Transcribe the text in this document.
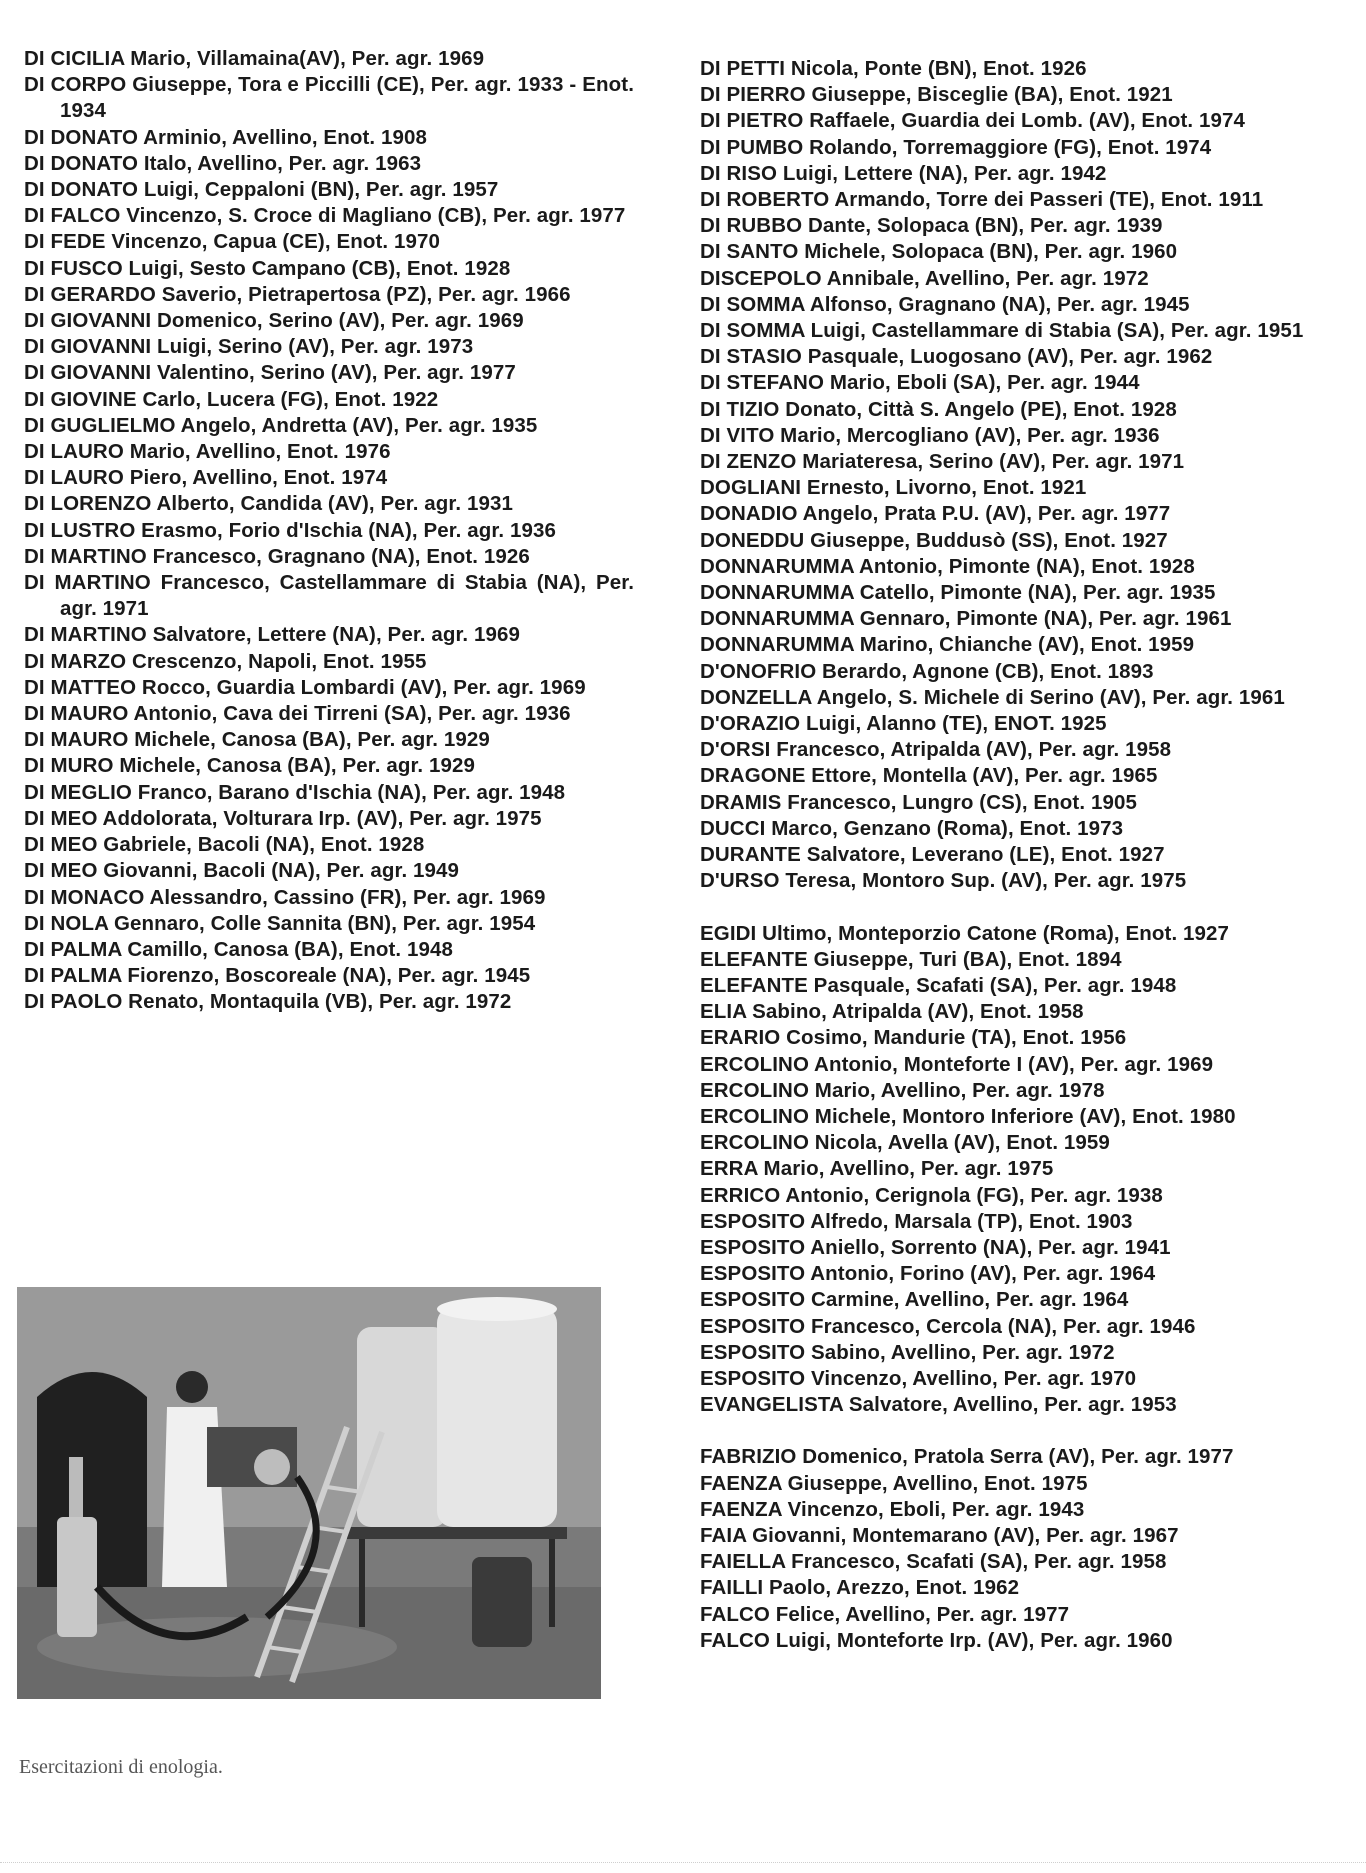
DI CICILIA Mario, Villamaina(AV), Per. agr. 1969
DI CORPO Giuseppe, Tora e Piccilli (CE), Per. agr. 1933 - Enot. 1934
DI DONATO Arminio, Avellino, Enot. 1908
DI DONATO Italo, Avellino, Per. agr. 1963
DI DONATO Luigi, Ceppaloni (BN), Per. agr. 1957
DI FALCO Vincenzo, S. Croce di Magliano (CB), Per. agr. 1977
DI FEDE Vincenzo, Capua (CE), Enot. 1970
DI FUSCO Luigi, Sesto Campano (CB), Enot. 1928
DI GERARDO Saverio, Pietrapertosa (PZ), Per. agr. 1966
DI GIOVANNI Domenico, Serino (AV), Per. agr. 1969
DI GIOVANNI Luigi, Serino (AV), Per. agr. 1973
DI GIOVANNI Valentino, Serino (AV), Per. agr. 1977
DI GIOVINE Carlo, Lucera (FG), Enot. 1922
DI GUGLIELMO Angelo, Andretta (AV), Per. agr. 1935
DI LAURO Mario, Avellino, Enot. 1976
DI LAURO Piero, Avellino, Enot. 1974
DI LORENZO Alberto, Candida (AV), Per. agr. 1931
DI LUSTRO Erasmo, Forio d'Ischia (NA), Per. agr. 1936
DI MARTINO Francesco, Gragnano (NA), Enot. 1926
DI MARTINO Francesco, Castellammare di Stabia (NA), Per. agr. 1971
DI MARTINO Salvatore, Lettere (NA), Per. agr. 1969
DI MARZO Crescenzo, Napoli, Enot. 1955
DI MATTEO Rocco, Guardia Lombardi (AV), Per. agr. 1969
DI MAURO Antonio, Cava dei Tirreni (SA), Per. agr. 1936
DI MAURO Michele, Canosa (BA), Per. agr. 1929
DI MURO Michele, Canosa (BA), Per. agr. 1929
DI MEGLIO Franco, Barano d'Ischia (NA), Per. agr. 1948
DI MEO Addolorata, Volturara Irp. (AV), Per. agr. 1975
DI MEO Gabriele, Bacoli (NA), Enot. 1928
DI MEO Giovanni, Bacoli (NA), Per. agr. 1949
DI MONACO Alessandro, Cassino (FR), Per. agr. 1969
DI NOLA Gennaro, Colle Sannita (BN), Per. agr. 1954
DI PALMA Camillo, Canosa (BA), Enot. 1948
DI PALMA Fiorenzo, Boscoreale (NA), Per. agr. 1945
DI PAOLO Renato, Montaquila (VB), Per. agr. 1972
DI PETTI Nicola, Ponte (BN), Enot. 1926
DI PIERRO Giuseppe, Bisceglie (BA), Enot. 1921
DI PIETRO Raffaele, Guardia dei Lomb. (AV), Enot. 1974
DI PUMBO Rolando, Torremaggiore (FG), Enot. 1974
DI RISO Luigi, Lettere (NA), Per. agr. 1942
DI ROBERTO Armando, Torre dei Passeri (TE), Enot. 1911
DI RUBBO Dante, Solopaca (BN), Per. agr. 1939
DI SANTO Michele, Solopaca (BN), Per. agr. 1960
DISCEPOLO Annibale, Avellino, Per. agr. 1972
DI SOMMA Alfonso, Gragnano (NA), Per. agr. 1945
DI SOMMA Luigi, Castellammare di Stabia (SA), Per. agr. 1951
DI STASIO Pasquale, Luogosano (AV), Per. agr. 1962
DI STEFANO Mario, Eboli (SA), Per. agr. 1944
DI TIZIO Donato, Città S. Angelo (PE), Enot. 1928
DI VITO Mario, Mercogliano (AV), Per. agr. 1936
DI ZENZO Mariateresa, Serino (AV), Per. agr. 1971
DOGLIANI Ernesto, Livorno, Enot. 1921
DONADIO Angelo, Prata P.U. (AV), Per. agr. 1977
DONEDDU Giuseppe, Buddusò (SS), Enot. 1927
DONNARUMMA Antonio, Pimonte (NA), Enot. 1928
DONNARUMMA Catello, Pimonte (NA), Per. agr. 1935
DONNARUMMA Gennaro, Pimonte (NA), Per. agr. 1961
DONNARUMMA Marino, Chianche (AV), Enot. 1959
D'ONOFRIO Berardo, Agnone (CB), Enot. 1893
DONZELLA Angelo, S. Michele di Serino (AV), Per. agr. 1961
D'ORAZIO Luigi, Alanno (TE), ENOT. 1925
D'ORSI Francesco, Atripalda (AV), Per. agr. 1958
DRAGONE Ettore, Montella (AV), Per. agr. 1965
DRAMIS Francesco, Lungro (CS), Enot. 1905
DUCCI Marco, Genzano (Roma), Enot. 1973
DURANTE Salvatore, Leverano (LE), Enot. 1927
D'URSO Teresa, Montoro Sup. (AV), Per. agr. 1975
EGIDI Ultimo, Monteporzio Catone (Roma), Enot. 1927
ELEFANTE Giuseppe, Turi (BA), Enot. 1894
ELEFANTE Pasquale, Scafati (SA), Per. agr. 1948
ELIA Sabino, Atripalda (AV), Enot. 1958
ERARIO Cosimo, Mandurie (TA), Enot. 1956
ERCOLINO Antonio, Monteforte I (AV), Per. agr. 1969
ERCOLINO Mario, Avellino, Per. agr. 1978
ERCOLINO Michele, Montoro Inferiore (AV), Enot. 1980
ERCOLINO Nicola, Avella (AV), Enot. 1959
ERRA Mario, Avellino, Per. agr. 1975
ERRICO Antonio, Cerignola (FG), Per. agr. 1938
ESPOSITO Alfredo, Marsala (TP), Enot. 1903
ESPOSITO Aniello, Sorrento (NA), Per. agr. 1941
ESPOSITO Antonio, Forino (AV), Per. agr. 1964
ESPOSITO Carmine, Avellino, Per. agr. 1964
ESPOSITO Francesco, Cercola (NA), Per. agr. 1946
ESPOSITO Sabino, Avellino, Per. agr. 1972
ESPOSITO Vincenzo, Avellino, Per. agr. 1970
EVANGELISTA Salvatore, Avellino, Per. agr. 1953
FABRIZIO Domenico, Pratola Serra (AV), Per. agr. 1977
FAENZA Giuseppe, Avellino, Enot. 1975
FAENZA Vincenzo, Eboli, Per. agr. 1943
FAIA Giovanni, Montemarano (AV), Per. agr. 1967
FAIELLA Francesco, Scafati (SA), Per. agr. 1958
FAILLI Paolo, Arezzo, Enot. 1962
FALCO Felice, Avellino, Per. agr. 1977
FALCO Luigi, Monteforte Irp. (AV), Per. agr. 1960
Esercitazioni di enologia.
